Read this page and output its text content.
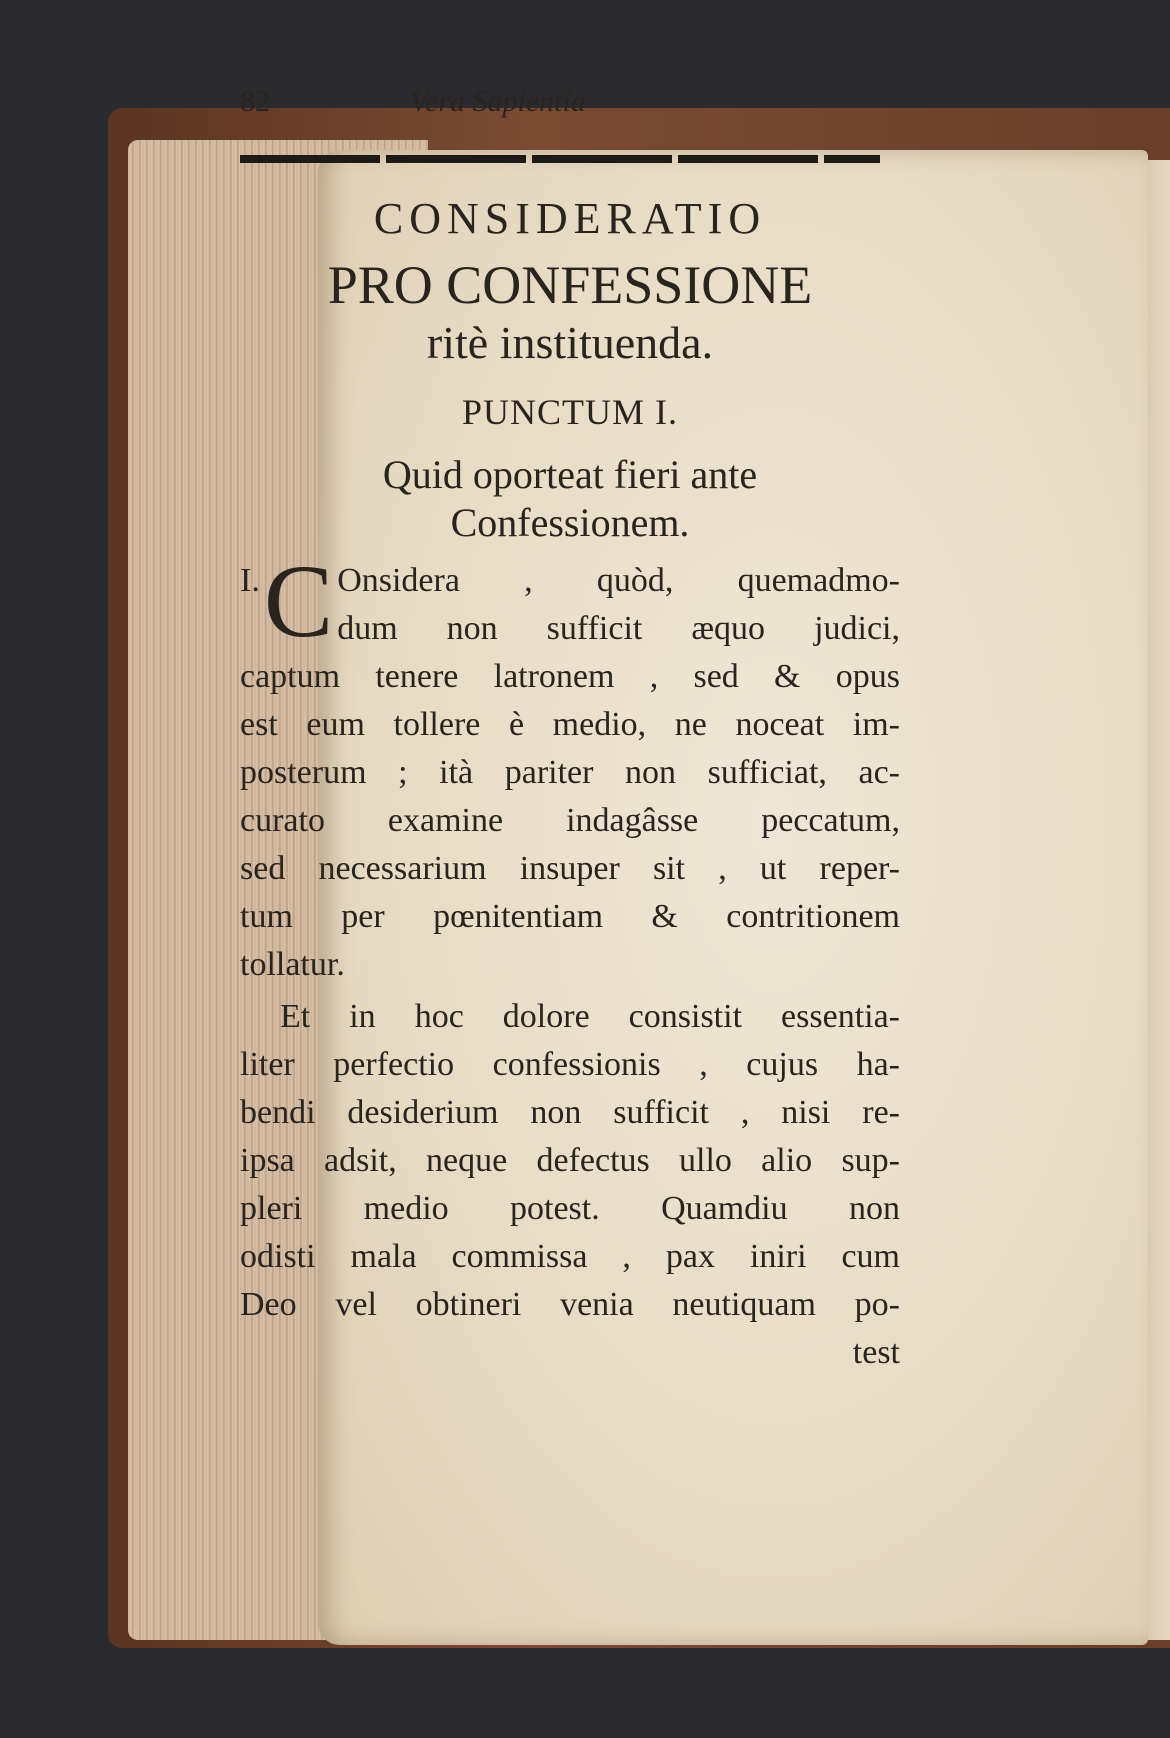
82	Vera Sapientia
CONSIDERATIO
PRO CONFESSIONE
ritè instituenda.
PUNCTUM I.
Quid oporteat fieri ante
Confessionem.
I. C Onsidera , quòd, quemadmo-
dum non sufficit æquo judici,
captum tenere latronem , sed & opus
est eum tollere è medio, ne noceat im-
posterum ; ità pariter non sufficiat, ac-
curato examine indagâsse peccatum,
sed necessarium insuper sit , ut reper-
tum per pœnitentiam & contritionem
tollatur.
Et in hoc dolore consistit essentia-
liter perfectio confessionis , cujus ha-
bendi desiderium non sufficit , nisi re-
ipsa adsit, neque defectus ullo alio sup-
pleri medio potest. Quamdiu non
odisti mala commissa , pax iniri cum
Deo vel obtineri venia neutiquam po-
test
